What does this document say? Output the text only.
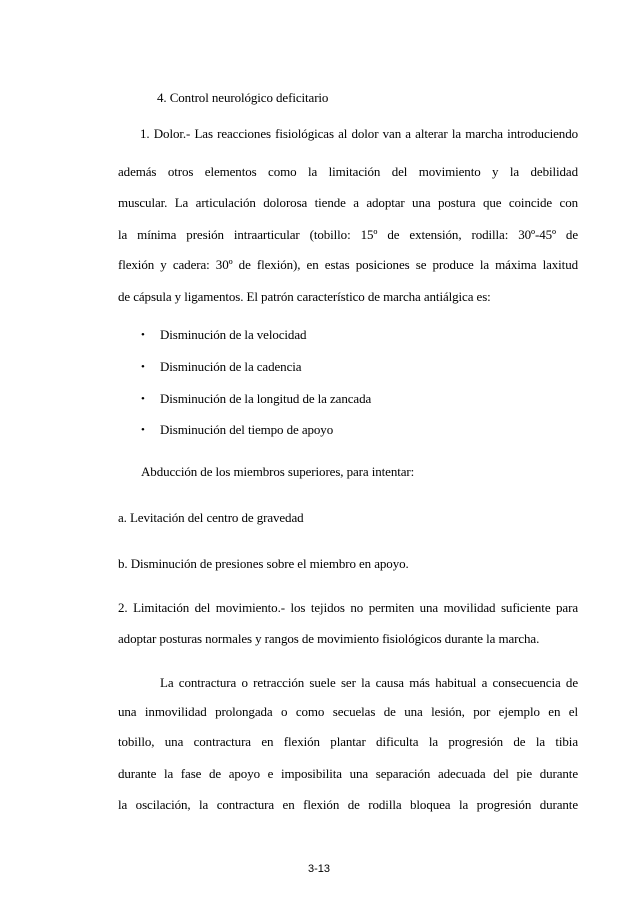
4. Control neurológico deficitario
1. Dolor.- Las reacciones fisiológicas al dolor van a alterar la marcha introduciendo
además otros elementos como la limitación del movimiento y la debilidad
muscular. La articulación dolorosa tiende a adoptar una postura que coincide con
la mínima presión intraarticular (tobillo: 15º de extensión, rodilla: 30º-45º de
flexión y cadera: 30º de flexión), en estas posiciones se produce la máxima laxitud
de cápsula y ligamentos. El patrón característico de marcha antiálgica es:
• Disminución de la velocidad
• Disminución de la cadencia
• Disminución de la longitud de la zancada
• Disminución del tiempo de apoyo
Abducción de los miembros superiores, para intentar:
a. Levitación del centro de gravedad
b. Disminución de presiones sobre el miembro en apoyo.
2. Limitación del movimiento.- los tejidos no permiten una movilidad suficiente para
adoptar posturas normales y rangos de movimiento fisiológicos durante la marcha.
La contractura o retracción suele ser la causa más habitual a consecuencia de
una inmovilidad prolongada o como secuelas de una lesión, por ejemplo en el
tobillo, una contractura en flexión plantar dificulta la progresión de la tibia
durante la fase de apoyo e imposibilita una separación adecuada del pie durante
la oscilación, la contractura en flexión de rodilla bloquea la progresión durante
3-13
